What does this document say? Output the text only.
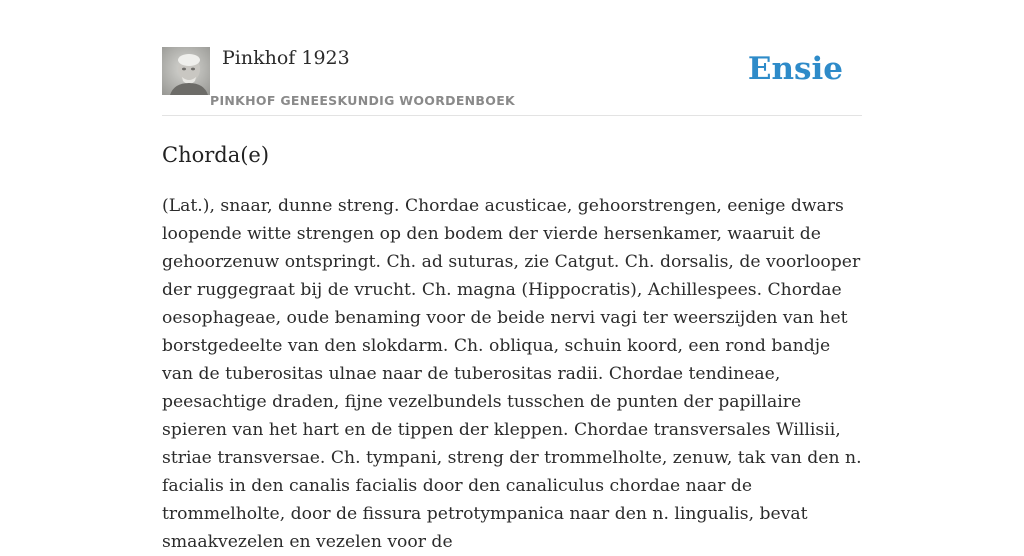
Pinkhof 1923
PINKHOF GENEESKUNDIG WOORDENBOEK
Ensie
Chorda(e)

(Lat.), snaar, dunne streng. Chordae acusticae, gehoorstrengen, eenige dwars loopende witte strengen op den bodem der vierde hersenkamer, waaruit de gehoorzenuw ontspringt. Ch. ad suturas, zie Catgut. Ch. dorsalis, de voorlooper der ruggegraat bij de vrucht. Ch. magna (Hippocratis), Achillespees. Chordae oesophageae, oude benaming voor de beide nervi vagi ter weerszijden van het borstgedeelte van den slokdarm. Ch. obliqua, schuin koord, een rond bandje van de tuberositas ulnae naar de tuberositas radii. Chordae tendineae, peesachtige draden, fijne vezelbundels tusschen de punten der papillaire spieren van het hart en de tippen der kleppen. Chordae transversales Willisii, striae transversae. Ch. tympani, streng der trommelholte, zenuw, tak van den n. facialis in den canalis facialis door den canaliculus chordae naar de trommelholte, door de fissura petrotympanica naar den n. lingualis, bevat smaakvezelen en vezelen voor de
